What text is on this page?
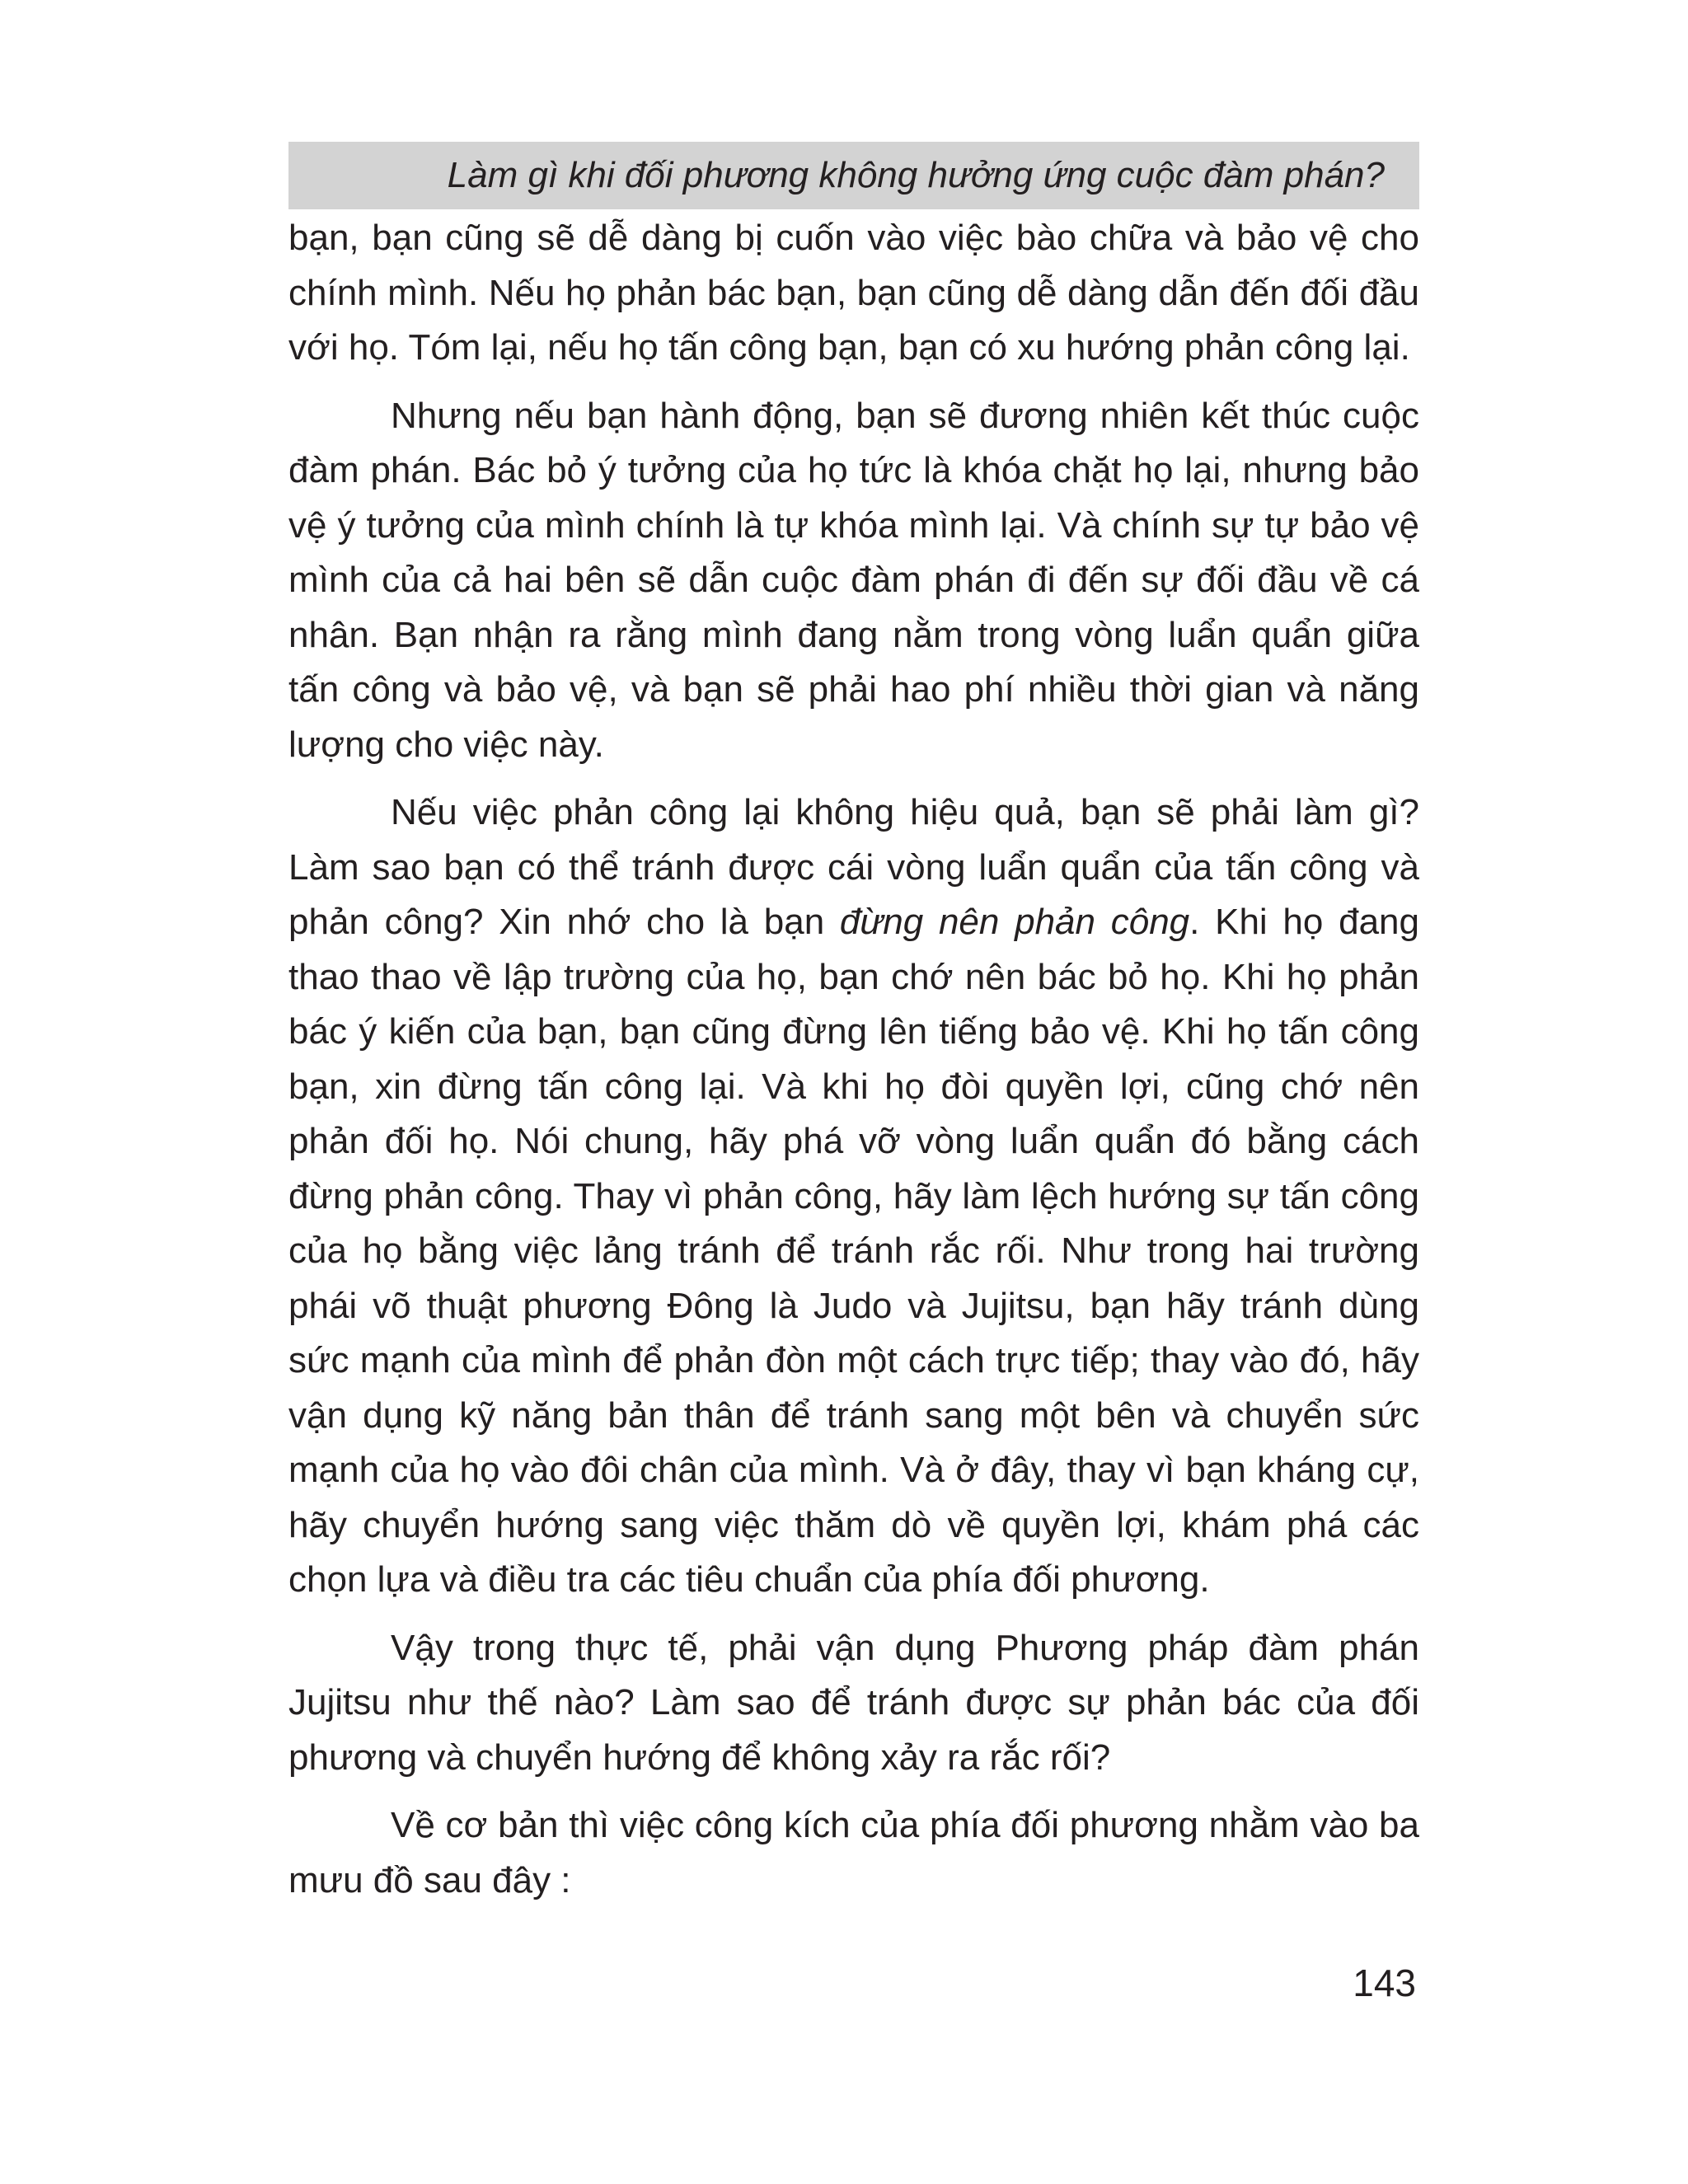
Làm gì khi đối phương không hưởng ứng cuộc đàm phán?

bạn, bạn cũng sẽ dễ dàng bị cuốn vào việc bào chữa và bảo vệ cho chính mình. Nếu họ phản bác bạn, bạn cũng dễ dàng dẫn đến đối đầu với họ. Tóm lại, nếu họ tấn công bạn, bạn có xu hướng phản công lại.

Nhưng nếu bạn hành động, bạn sẽ đương nhiên kết thúc cuộc đàm phán. Bác bỏ ý tưởng của họ tức là khóa chặt họ lại, nhưng bảo vệ ý tưởng của mình chính là tự khóa mình lại. Và chính sự tự bảo vệ mình của cả hai bên sẽ dẫn cuộc đàm phán đi đến sự đối đầu về cá nhân. Bạn nhận ra rằng mình đang nằm trong vòng luẩn quẩn giữa tấn công và bảo vệ, và bạn sẽ phải hao phí nhiều thời gian và năng lượng cho việc này.

Nếu việc phản công lại không hiệu quả, bạn sẽ phải làm gì? Làm sao bạn có thể tránh được cái vòng luẩn quẩn của tấn công và phản công? Xin nhớ cho là bạn đừng nên phản công. Khi họ đang thao thao về lập trường của họ, bạn chớ nên bác bỏ họ. Khi họ phản bác ý kiến của bạn, bạn cũng đừng lên tiếng bảo vệ. Khi họ tấn công bạn, xin đừng tấn công lại. Và khi họ đòi quyền lợi, cũng chớ nên phản đối họ. Nói chung, hãy phá vỡ vòng luẩn quẩn đó bằng cách đừng phản công. Thay vì phản công, hãy làm lệch hướng sự tấn công của họ bằng việc lảng tránh để tránh rắc rối. Như trong hai trường phái võ thuật phương Đông là Judo và Jujitsu, bạn hãy tránh dùng sức mạnh của mình để phản đòn một cách trực tiếp; thay vào đó, hãy vận dụng kỹ năng bản thân để tránh sang một bên và chuyển sức mạnh của họ vào đôi chân của mình. Và ở đây, thay vì bạn kháng cự, hãy chuyển hướng sang việc thăm dò về quyền lợi, khám phá các chọn lựa và điều tra các tiêu chuẩn của phía đối phương.

Vậy trong thực tế, phải vận dụng Phương pháp đàm phán Jujitsu như thế nào? Làm sao để tránh được sự phản bác của đối phương và chuyển hướng để không xảy ra rắc rối?

Về cơ bản thì việc công kích của phía đối phương nhằm vào ba mưu đồ sau đây :

143
